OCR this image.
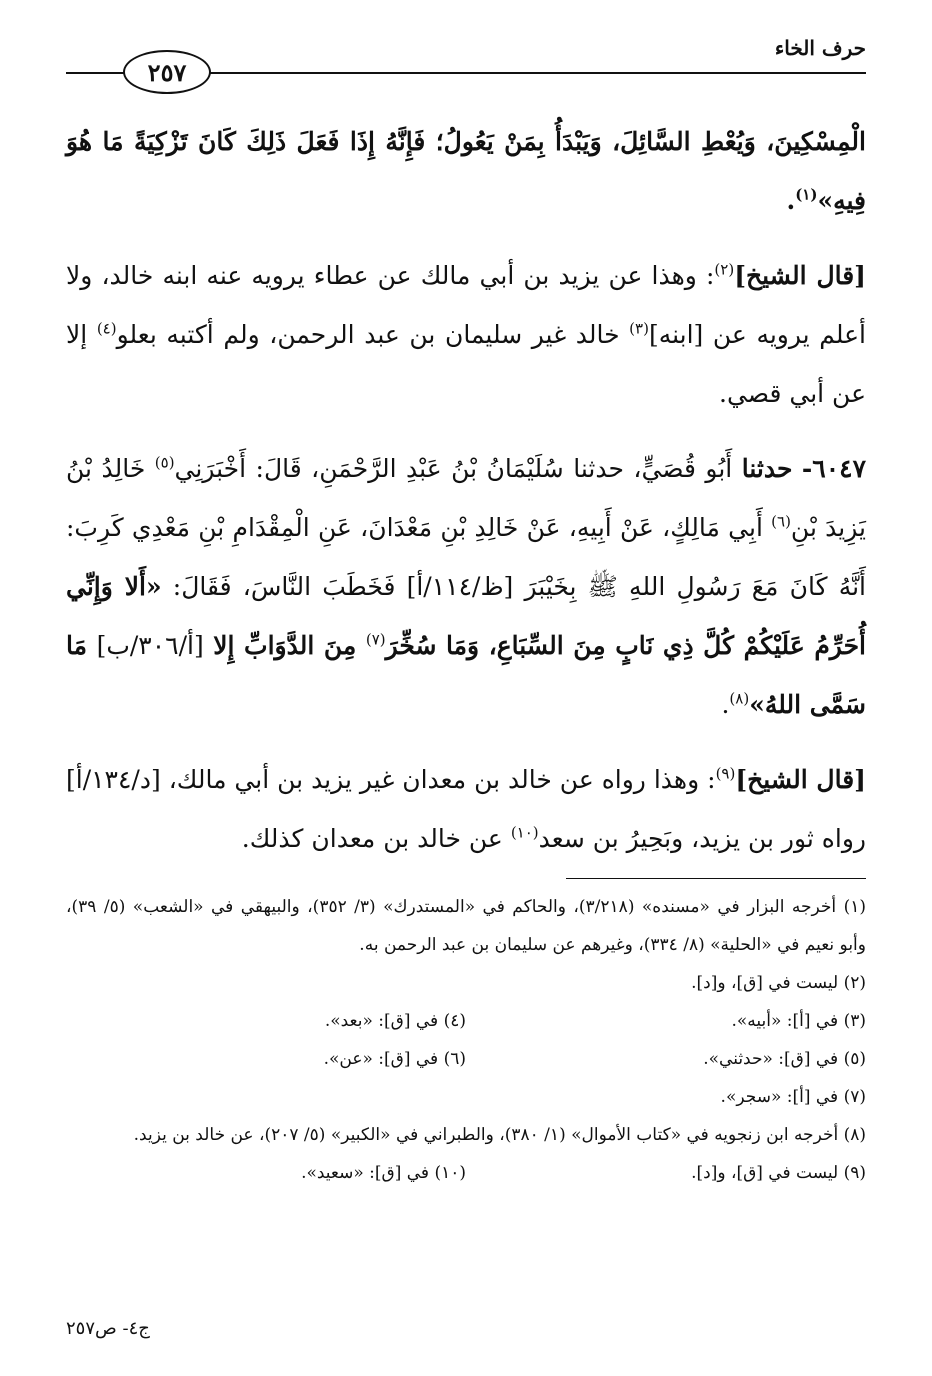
حرف الخاء
٢٥٧

الْمِسْكِينَ، وَيُعْطِ السَّائِلَ، وَيَبْدَأُ بِمَنْ يَعُولُ؛ فَإِنَّهُ إِذَا فَعَلَ ذَلِكَ كَانَ تَزْكِيَةً مَا هُوَ فِيهِ»$^{(١)}$.

[قال الشيخ]$^{(٢)}$: وهذا عن يزيد بن أبي مالك عن عطاء يرويه عنه ابنه خالد، ولا أعلم يرويه عن [ابنه]$^{(٣)}$ خالد غير سليمان بن عبد الرحمن، ولم أكتبه بعلو$^{(٤)}$ إلا عن أبي قصي.

٦٠٤٧- حدثنا أَبُو قُصَيٍّ، حدثنا سُلَيْمَانُ بْنُ عَبْدِ الرَّحْمَنِ، قَالَ: أَخْبَرَنِي$^{(٥)}$ خَالِدُ بْنُ يَزِيدَ بْنِ$^{(٦)}$ أَبِي مَالِكٍ، عَنْ أَبِيهِ، عَنْ خَالِدِ بْنِ مَعْدَانَ، عَنِ الْمِقْدَامِ بْنِ مَعْدِي كَرِبَ: أَنَّهُ كَانَ مَعَ رَسُولِ اللهِ ﷺ بِخَيْبَرَ [ظ/١١٤/أ] فَخَطَبَ النَّاسَ، فَقَالَ: «أَلا وَإِنِّي أُحَرِّمُ عَلَيْكُمْ كُلَّ ذِي نَابٍ مِنَ السِّبَاعِ، وَمَا سُخِّرَ$^{(٧)}$ مِنَ الدَّوَابِّ إِلا [أ/٣٠٦/ب] مَا سَمَّى اللهُ»$^{(٨)}$.

[قال الشيخ]$^{(٩)}$: وهذا رواه عن خالد بن معدان غير يزيد بن أبي مالك، [د/١٣٤/أ] رواه ثور بن يزيد، وبَحِيرُ بن سعد$^{(١٠)}$ عن خالد بن معدان كذلك.

(١) أخرجه البزار في «مسنده» (٣/٢١٨)، والحاكم في «المستدرك» (٣/ ٣٥٢)، والبيهقي في «الشعب» (٥/ ٣٩)، وأبو نعيم في «الحلية» (٨/ ٣٣٤)، وغيرهم عن سليمان بن عبد الرحمن به.
(٢) ليست في [ق]، و[د].
(٣) في [أ]: «أبيه».
(٤) في [ق]: «بعد».
(٥) في [ق]: «حدثني».
(٦) في [ق]: «عن».
(٧) في [أ]: «سجر».
(٨) أخرجه ابن زنجويه في «كتاب الأموال» (١/ ٣٨٠)، والطبراني في «الكبير» (٥/ ٢٠٧)، عن خالد بن يزيد.
(٩) ليست في [ق]، و[د].
(١٠) في [ق]: «سعيد».
ج٤- ص٢٥٧
